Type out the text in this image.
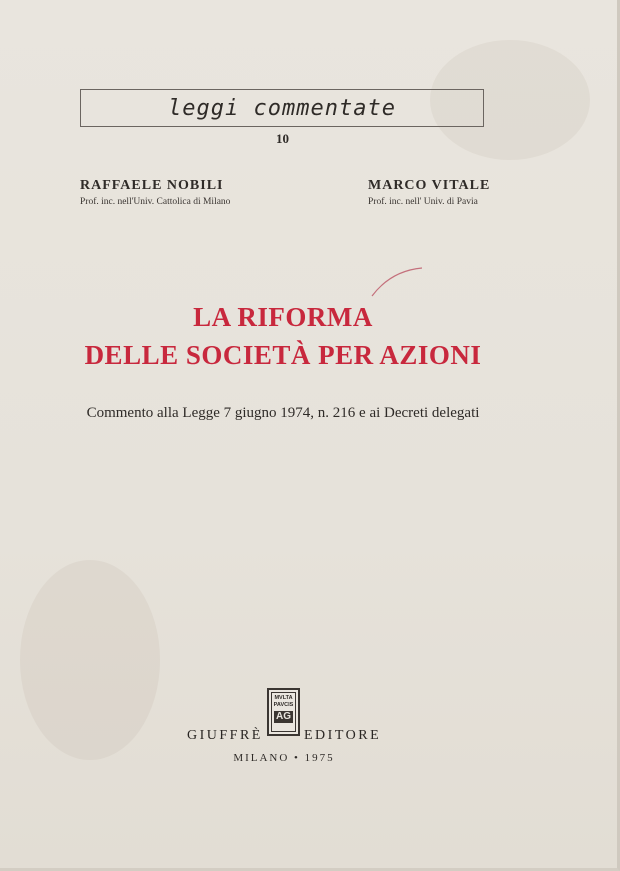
leggi commentate
10
RAFFAELE NOBILI
Prof. inc. nell'Univ. Cattolica di Milano
MARCO VITALE
Prof. inc. nell' Univ. di Pavia
LA RIFORMA
DELLE SOCIETÀ PER AZIONI
Commento alla Legge 7 giugno 1974, n. 216 e ai Decreti delegati
GIUFFRÈ
MVLTA
PAVCIS
AG
EDITORE
MILANO • 1975
